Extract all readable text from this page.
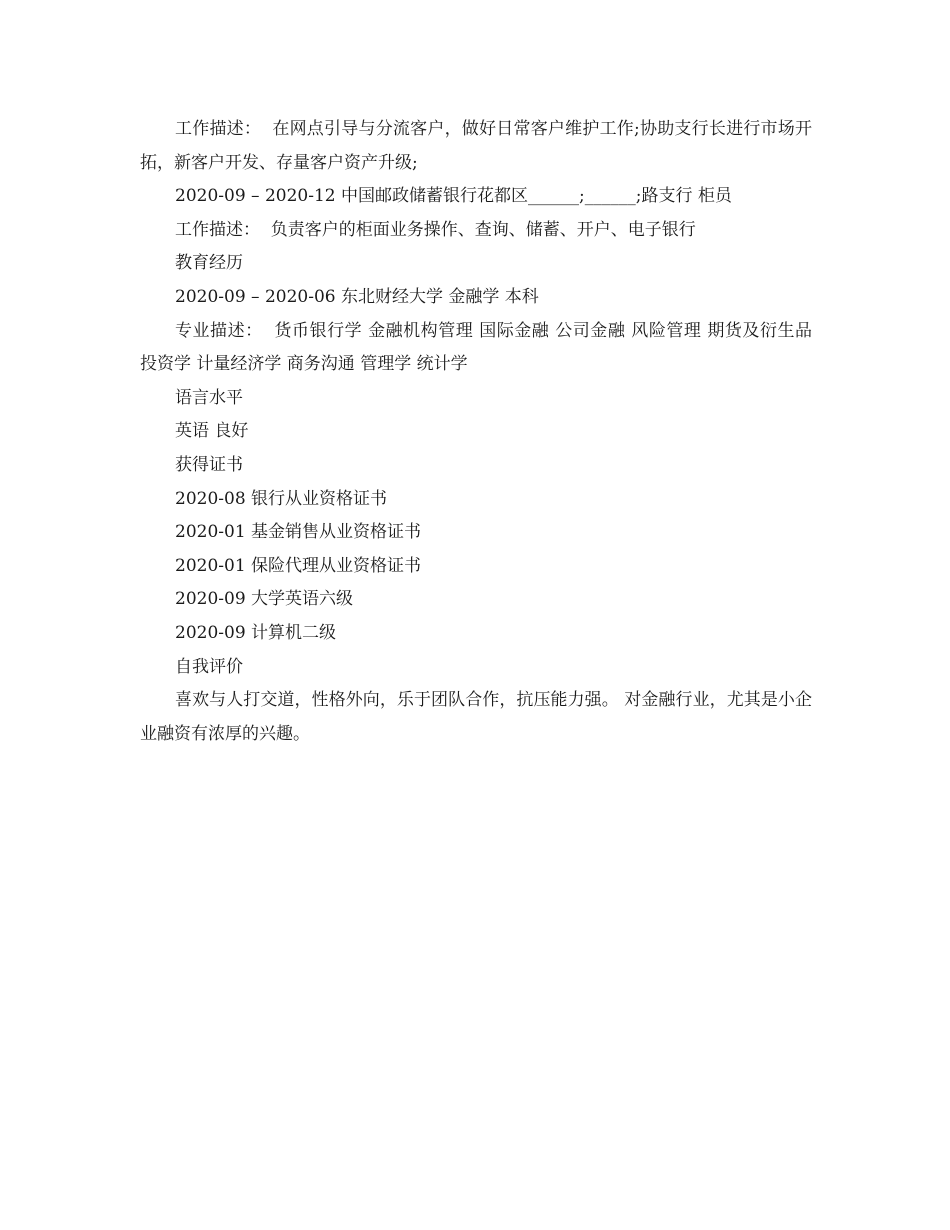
工作描述：  在网点引导与分流客户，做好日常客户维护工作;协助支行长进行市场开拓，新客户开发、存量客户资产升级;

2020-09 – 2020-12 中国邮政储蓄银行花都区______;______;路支行 柜员

工作描述：  负责客户的柜面业务操作、查询、储蓄、开户、电子银行

教育经历

2020-09 – 2020-06 东北财经大学 金融学 本科

专业描述：  货币银行学 金融机构管理 国际金融 公司金融 风险管理 期货及衍生品 投资学 计量经济学 商务沟通 管理学 统计学

语言水平

英语 良好

获得证书

2020-08 银行从业资格证书

2020-01 基金销售从业资格证书

2020-01 保险代理从业资格证书

2020-09 大学英语六级

2020-09 计算机二级

自我评价

喜欢与人打交道，性格外向，乐于团队合作，抗压能力强。 对金融行业，尤其是小企业融资有浓厚的兴趣。
